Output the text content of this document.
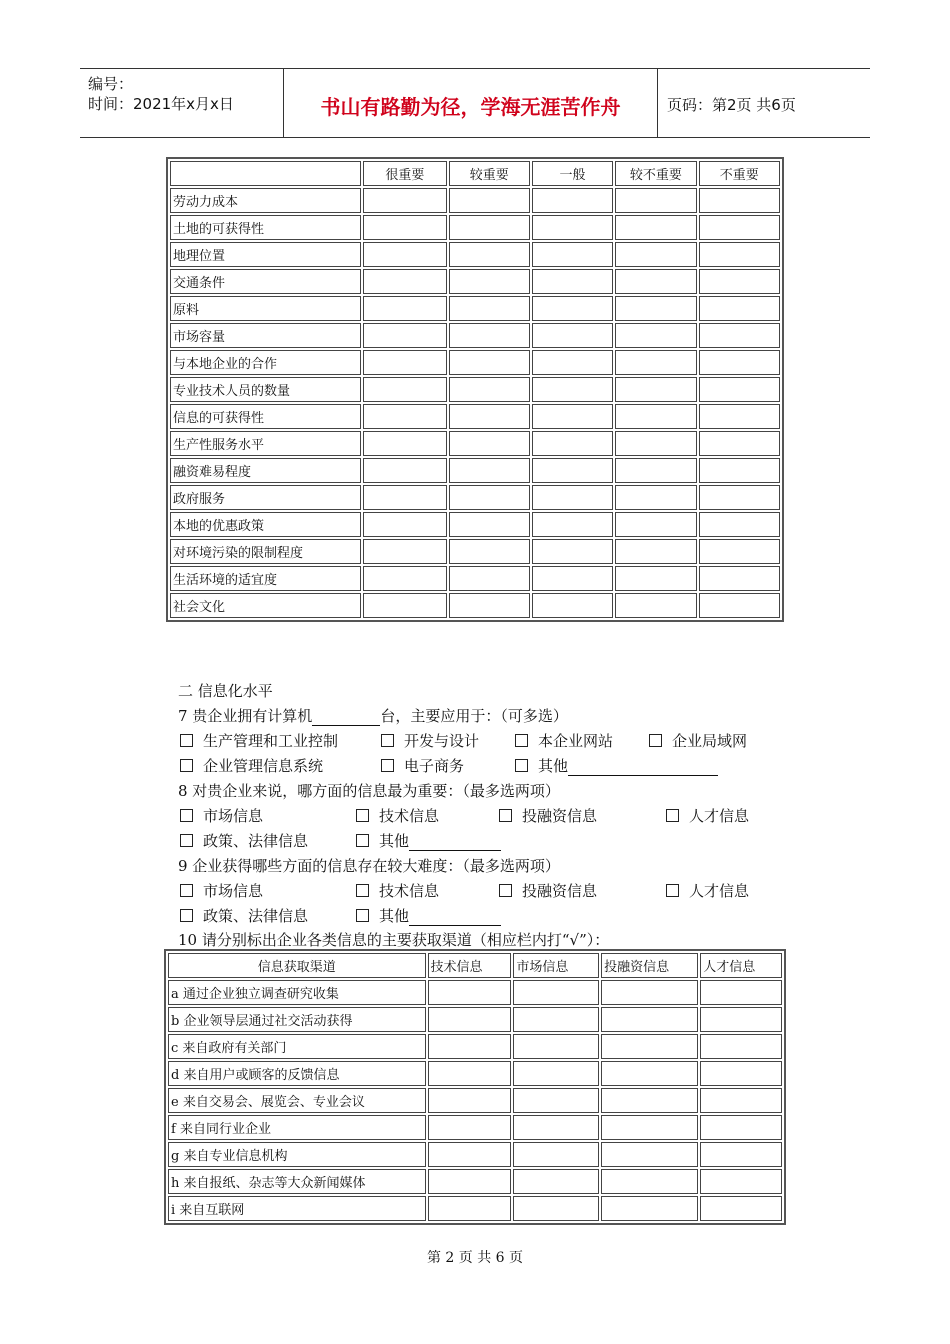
编号：
时间：2021年x月x日	书山有路勤为径，学海无涯苦作舟	页码：第2页 共6页
	很重要	较重要	一般	较不重要	不重要
劳动力成本					
土地的可获得性					
地理位置					
交通条件					
原料					
市场容量					
与本地企业的合作					
专业技术人员的数量					
信息的可获得性					
生产性服务水平					
融资难易程度					
政府服务					
本地的优惠政策					
对环境污染的限制程度					
生活环境的适宜度					
社会文化					
二 信息化水平
7 贵企业拥有计算机	台，主要应用于：（可多选）
生产管理和工业控制	开发与设计	本企业网站	企业局域网
企业管理信息系统	电子商务	其他
8 对贵企业来说，哪方面的信息最为重要：（最多选两项）
市场信息	技术信息	投融资信息	人才信息
政策、法律信息	其他
9 企业获得哪些方面的信息存在较大难度：（最多选两项）
市场信息	技术信息	投融资信息	人才信息
政策、法律信息	其他
10 请分别标出企业各类信息的主要获取渠道（相应栏内打“√”）：
信息获取渠道	技术信息	市场信息	投融资信息	人才信息
a 通过企业独立调查研究收集				
b 企业领导层通过社交活动获得				
c 来自政府有关部门				
d 来自用户或顾客的反馈信息				
e 来自交易会、展览会、专业会议				
f 来自同行业企业				
g 来自专业信息机构				
h 来自报纸、杂志等大众新闻媒体				
i 来自互联网				
第 2 页 共 6 页
